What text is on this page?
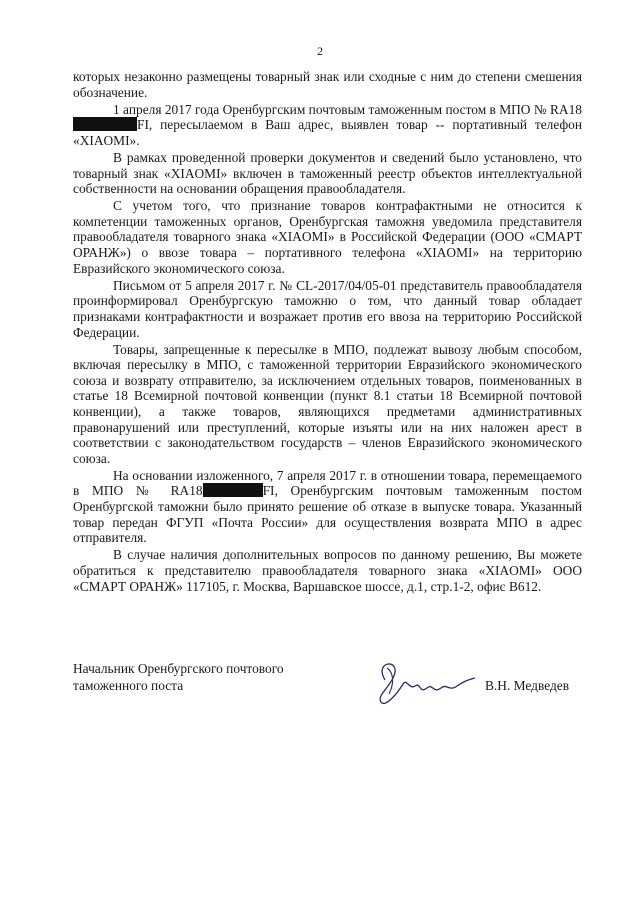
2

которых незаконно размещены товарный знак или сходные с ним до степени смешения обозначение.

1 апреля 2017 года Оренбургским почтовым таможенным постом в МПО № RA18FI, пересылаемом в Ваш адрес, выявлен товар -- портативный телефон «XIAOMI».

В рамках проведенной проверки документов и сведений было установлено, что товарный знак «XIAOMI» включен в таможенный реестр объектов интеллектуальной собственности на основании обращения правообладателя.

С учетом того, что признание товаров контрафактными не относится к компетенции таможенных органов, Оренбургская таможня уведомила представителя правообладателя товарного знака «XIAOMI» в Российской Федерации (ООО «СМАРТ ОРАНЖ») о ввозе товара – портативного телефона «XIAOMI» на территорию Евразийского экономического союза.

Письмом от 5 апреля 2017 г. № CL-2017/04/05-01 представитель правообладателя проинформировал Оренбургскую таможню о том, что данный товар обладает признаками контрафактности и возражает против его ввоза на территорию Российской Федерации.

Товары, запрещенные к пересылке в МПО, подлежат вывозу любым способом, включая пересылку в МПО, с таможенной территории Евразийского экономического союза и возврату отправителю, за исключением отдельных товаров, поименованных в статье 18 Всемирной почтовой конвенции (пункт 8.1 статьи 18 Всемирной почтовой конвенции), а также товаров, являющихся предметами административных правонарушений или преступлений, которые изъяты или на них наложен арест в соответствии с законодательством государств – членов Евразийского экономического союза.

На основании изложенного, 7 апреля 2017 г. в отношении товара, перемещаемого в МПО № RA18	FI, Оренбургским почтовым таможенным постом Оренбургской таможни было принято решение об отказе в выпуске товара. Указанный товар передан ФГУП «Почта России» для осуществления возврата МПО в адрес отправителя.

В случае наличия дополнительных вопросов по данному решению, Вы можете обратиться к представителю правообладателя товарного знака «XIAOMI» ООО «СМАРТ ОРАНЖ» 117105, г. Москва, Варшавское шоссе, д.1, стр.1-2, офис В612.

Начальник Оренбургского почтового
таможенного поста	В.Н. Медведев
